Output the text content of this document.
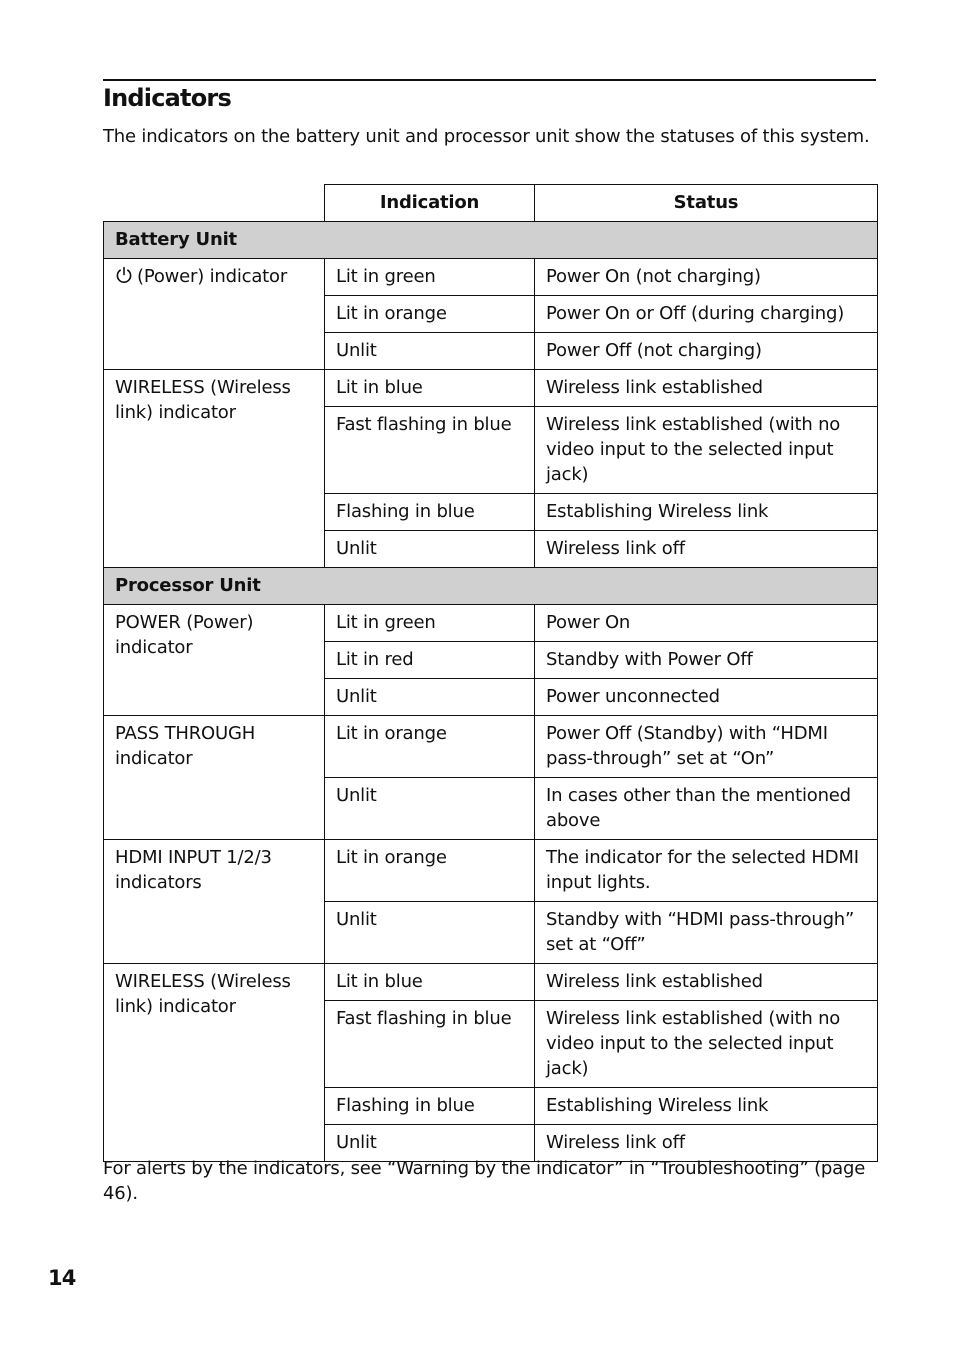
Indicators
The indicators on the battery unit and processor unit show the statuses of this system.
	Indication	Status
Battery Unit		
(Power) indicator	Lit in green	Power On (not charging)
	Lit in orange	Power On or Off (during charging)
	Unlit	Power Off (not charging)
WIRELESS (Wireless link) indicator	Lit in blue	Wireless link established
	Fast flashing in blue	Wireless link established (with no video input to the selected input jack)
	Flashing in blue	Establishing Wireless link
	Unlit	Wireless link off
Processor Unit		
POWER (Power) indicator	Lit in green	Power On
	Lit in red	Standby with Power Off
	Unlit	Power unconnected
PASS THROUGH indicator	Lit in orange	Power Off (Standby) with “HDMI pass-through” set at “On”
	Unlit	In cases other than the mentioned above
HDMI INPUT 1/2/3 indicators	Lit in orange	The indicator for the selected HDMI input lights.
	Unlit	Standby with “HDMI pass-through” set at “Off”
WIRELESS (Wireless link) indicator	Lit in blue	Wireless link established
	Fast flashing in blue	Wireless link established (with no video input to the selected input jack)
	Flashing in blue	Establishing Wireless link
	Unlit	Wireless link off
For alerts by the indicators, see “Warning by the indicator” in “Troubleshooting” (page 46).
14
